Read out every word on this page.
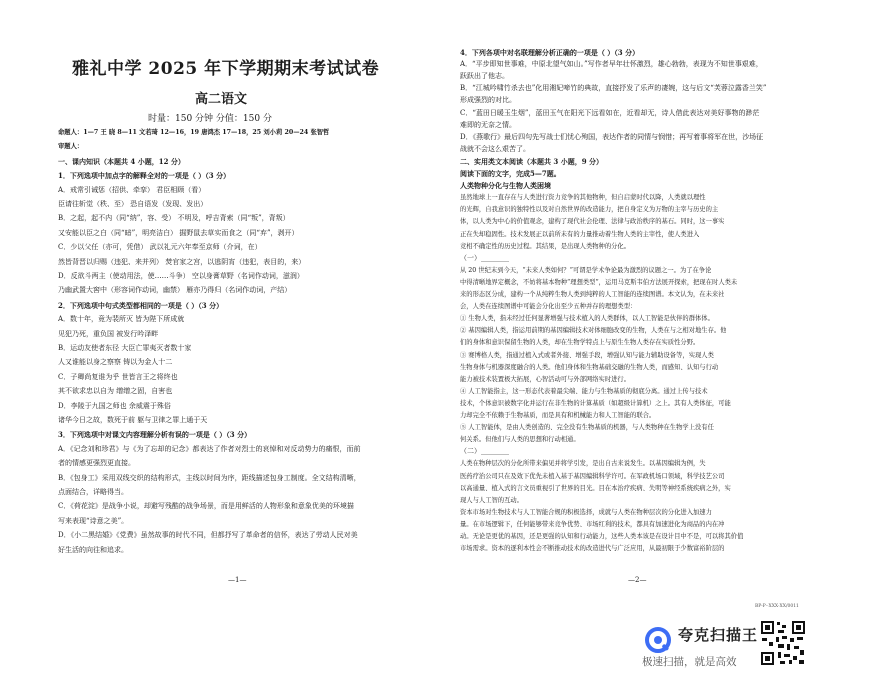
雅礼中学 2025 年下学期期末考试试卷
高二语文
时量：150 分钟 分值：150 分
命题人：1—7 王 晓 8—11 文若琦 12—16，19 唐鸿杰 17—18，25 刘小莉 20—24 张智哲
审题人：
一、课内知识（本题共 4 小题，12 分）
1．下列选项中加点字的解释全对的一项是（ ）（3 分）
A．戒常引诫惩（招供、牵挛） 君臣相顾（看）
臣请往斩觉（秩、至） 恐自语发（发现、发出）
B．之起，起不内（同“纳”，容、受） 不明及，呼吉背索（同“叛”，背叛）
又安能以臣之白（同“暗”，明亮洁白） 掘野鼠去草实而食之（同“弃”，剥开）
C．少以父任（亦可，凭借） 武以礼元六年奉至京师（介词，在）
然皆背晋以归赐（违犯、来并列） 焚官家之宫，以逃阴宵（违犯，表目的，来）
D．反欲斗两主（使动用法，使……斗争） 空以身膏草野（名词作动词，滋润）
乃幽武置大窖中（形容词作动词，幽禁） 雁亦乃得归（名词作动词，产结）
2．下列选项中句式类型都相同的一项是（ ）（3 分）
A．数十年，竟为裴所灭 皆为陛下所成就
见犯乃死，重负国 被发行吟泽畔
B．运动友使者东径 大臣亡罪夷灭者数十家
人又谁能以身之察察 铸以为金人十二
C．子卿尚复谁为乎 世皆言王之将终也
其不欲求忠以自为 缯缯之固，自害也
D．李陵于九国之师也 余威震于殊俗
诸华今日之故，数死于前 躯与卫律之罪上通于天
3．下列选项中对课文内容理解分析有误的一项是（ ）（3 分）
A．《记念刘和珍君》与《为了忘却的记念》都表达了作者对烈士的哀悼和对反动势力的痛恨，而前
者的情感更强烈更直接。
B．《包身工》采用双线交织的结构形式，主线以时间为序，距线描述包身工制度。全文结构清晰，
点面结合，详略得当。
C．《荷花淀》是战争小说，却避写残酷的战争场景，而是用鲜活的人物形象和意象优美的环境描
写来表现“诗意之美”。
D．《小二黑结婚》《党费》虽然故事的时代不同，但都抒写了革命者的信怀，表达了劳动人民对美
好生活的向往和追求。
—1—
4．下列各项中对名联理解分析正确的一项是（ ）（3 分）
A．“平步即知世事难，中原北望气如山。”写作者早年壮怀激烈，雄心勃勃，表现为不知世事艰难，
跃跃出了他志。
B．“江城吟啸竹杀去也”化用湘妃啼竹的典故，直接抒发了乐声的凄婉，这与后文“芙蓉泣露香兰笑”
形成强烈的对比。
C．“蓝田日暖玉生烟”，蓝田玉气在阳光下远看如在，近看却无，诗人借此表达对美好事物的渺茫
难即的无奈之情。
D．《燕歌行》最后四句先写战士们忧心殉国，表达作者的同情与悯惜；再写着事将军在世，沙场征
战就不会这么艰苦了。
二、实用类文本阅读（本题共 3 小题，9 分）
阅读下面的文字，完成5—7题。
人类物种分化与生物人类困境
虽然地球上一直存在与人类进行资力竞争的其他物种，但自启蒙时代以降，人类就以理性
的光辉，自我意识的独特性以及对自然世界的改造能力，把自身定义为万物的主宰与历史的主
体，以人类为中心的价值观念，建构了现代社会伦理、法律与政治秩序的基石。同时，这一事实
正在失却稳固性。技术发展正以前所未有的力量推动着生物人类的主宰性，使人类进入
竞相不确定性的历史过程。其结果，是出现人类物种的分化。
（一）________
从 20 世纪末到今天，“未来人类如何？”可谓是学术争论最为激烈的议题之一。为了在争论
中得清晰地界定概念，不妨将基本物种“理想类型”，运用马克斯韦伯方法展开探索，把现在时人类未
来的形态区分成，建构一个从纯粹生物人类到纯粹的人工智能的连续图谱。本文认为，在未来社
会，人类在连续图谱中可能会分化出至少五种并存的理想类型：
① 生物人类，指未经过任何显著增强与技术植入的人类群体，以人工智能是伙伴的群体体。
② 基因编辑人类，指运用前期的基因编辑技术对体细胞改变的生物，人类在与之相对地生存。他
们的身体和意识保留生物的人类，却在生物学特点上与原生生物人类存在实质性分野。
③ 赛博格人类，指通过植入式或者外接、增强手段，增强认知与能力辅助设备等，实现人类
生物身体与机器深度融合的人类。他们身体和生物基础交融的生物人类，而感知、认知与行动
能力被技术装置极大拓展，心智活动可与外部网络实时进行。
④ 人工智能指主，这一形态代表着最尖端、能力与生物基质的彻底分离。通过上传与技术
技术，个体意识被数字化并运行在非生物的计算基质（如超级计算机）之上。其有人类体征，可能
力却完全不依赖于生物基质，而是具有和机械能力和人工智能的联合。
⑤ 人工智能体，是由人类创造的、完全没有生物基质的机器，与人类物种在生物学上没有任
何关系。但他们与人类的思想和行动相通。
（二）________
人类在物种层次的分化所带来偏见并将学引发，是出自古来说发生。以基因编辑为例，失
医药疗治公司只在及效下优先未植入基于基因编辑科学许可。在军政机场口领域，科学技艺公司
以高通量、植入式的言文员重视引了世界的目光。目在本治疗疾病、失明等神经系统疾病之外，实
现人与人工智的互动。
资本市场对生物技术与人工智能合规的积极选择，成就与人类在物种层次的分化进入加速力
量。在市场逻辑下，任何能够带来竞争优势、市场红利的技术，都具有加速进化为商品的内在冲
动。无论是更优的基因，还是更强的认知和行动能力，这些人类本该是在设计目中不是，可以将其价值
市场需求。资本的逐利本性会不断推动技术的改造进代与广泛应用，从最初限于少数富裕阶层的
—2—
BP-P··XXX·XX/0011
夸克扫描王
极速扫描，就是高效
